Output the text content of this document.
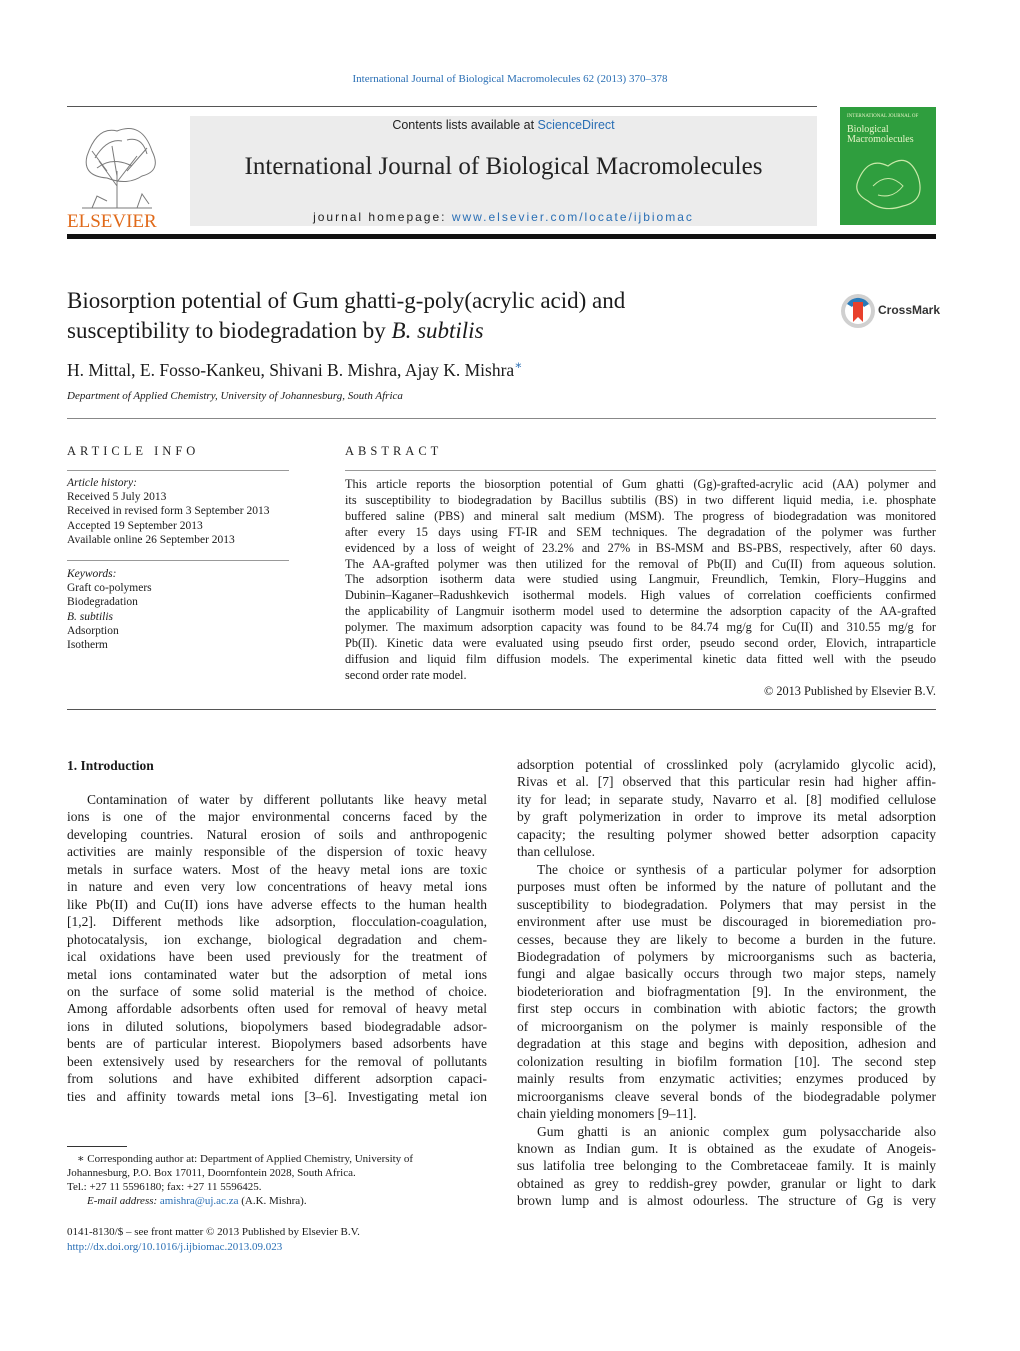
International Journal of Biological Macromolecules 62 (2013) 370–378
ELSEVIER
Contents lists available at ScienceDirect
International Journal of Biological Macromolecules
journal homepage: www.elsevier.com/locate/ijbiomac
INTERNATIONAL JOURNAL OF
Biological
Macromolecules
Biosorption potential of Gum ghatti-g-poly(acrylic acid) and
susceptibility to biodegradation by B. subtilis
CrossMark
H. Mittal, E. Fosso-Kankeu, Shivani B. Mishra, Ajay K. Mishra∗
Department of Applied Chemistry, University of Johannesburg, South Africa
ARTICLE INFO
Article history:
Received 5 July 2013
Received in revised form 3 September 2013
Accepted 19 September 2013
Available online 26 September 2013
Keywords:
Graft co-polymers
Biodegradation
B. subtilis
Adsorption
Isotherm
ABSTRACT
This article reports the biosorption potential of Gum ghatti (Gg)-grafted-acrylic acid (AA) polymer and
its susceptibility to biodegradation by Bacillus subtilis (BS) in two different liquid media, i.e. phosphate
buffered saline (PBS) and mineral salt medium (MSM). The progress of biodegradation was monitored
after every 15 days using FT-IR and SEM techniques. The degradation of the polymer was further
evidenced by a loss of weight of 23.2% and 27% in BS-MSM and BS-PBS, respectively, after 60 days.
The AA-grafted polymer was then utilized for the removal of Pb(II) and Cu(II) from aqueous solution.
The adsorption isotherm data were studied using Langmuir, Freundlich, Temkin, Flory–Huggins and
Dubinin–Kaganer–Radushkevich isothermal models. High values of correlation coefficients confirmed
the applicability of Langmuir isotherm model used to determine the adsorption capacity of the AA-grafted
polymer. The maximum adsorption capacity was found to be 84.74 mg/g for Cu(II) and 310.55 mg/g for
Pb(II). Kinetic data were evaluated using pseudo first order, pseudo second order, Elovich, intraparticle
diffusion and liquid film diffusion models. The experimental kinetic data fitted well with the pseudo
second order rate model.
© 2013 Published by Elsevier B.V.
1. Introduction
Contamination of water by different pollutants like heavy metal
ions is one of the major environmental concerns faced by the
developing countries. Natural erosion of soils and anthropogenic
activities are mainly responsible of the dispersion of toxic heavy
metals in surface waters. Most of the heavy metal ions are toxic
in nature and even very low concentrations of heavy metal ions
like Pb(II) and Cu(II) ions have adverse effects to the human health
[1,2]. Different methods like adsorption, flocculation-coagulation,
photocatalysis, ion exchange, biological degradation and chem-
ical oxidations have been used previously for the treatment of
metal ions contaminated water but the adsorption of metal ions
on the surface of some solid material is the method of choice.
Among affordable adsorbents often used for removal of heavy metal
ions in diluted solutions, biopolymers based biodegradable adsor-
bents are of particular interest. Biopolymers based adsorbents have
been extensively used by researchers for the removal of pollutants
from solutions and have exhibited different adsorption capaci-
ties and affinity towards metal ions [3–6]. Investigating metal ion
adsorption potential of crosslinked poly (acrylamido glycolic acid),
Rivas et al. [7] observed that this particular resin had higher affin-
ity for lead; in separate study, Navarro et al. [8] modified cellulose
by graft polymerization in order to improve its metal adsorption
capacity; the resulting polymer showed better adsorption capacity
than cellulose.
The choice or synthesis of a particular polymer for adsorption
purposes must often be informed by the nature of pollutant and the
susceptibility to biodegradation. Polymers that may persist in the
environment after use must be discouraged in bioremediation pro-
cesses, because they are likely to become a burden in the future.
Biodegradation of polymers by microorganisms such as bacteria,
fungi and algae basically occurs through two major steps, namely
biodeterioration and biofragmentation [9]. In the environment, the
first step occurs in combination with abiotic factors; the growth
of microorganism on the polymer is mainly responsible of the
degradation at this stage and begins with deposition, adhesion and
colonization resulting in biofilm formation [10]. The second step
mainly results from enzymatic activities; enzymes produced by
microorganisms cleave several bonds of the biodegradable polymer
chain yielding monomers [9–11].
Gum ghatti is an anionic complex gum polysaccharide also
known as Indian gum. It is obtained as the exudate of Anogeis-
sus latifolia tree belonging to the Combretaceae family. It is mainly
obtained as grey to reddish-grey powder, granular or light to dark
brown lump and is almost odourless. The structure of Gg is very
∗ Corresponding author at: Department of Applied Chemistry, University of
Johannesburg, P.O. Box 17011, Doornfontein 2028, South Africa.
Tel.: +27 11 5596180; fax: +27 11 5596425.
E-mail address: amishra@uj.ac.za (A.K. Mishra).
0141-8130/$ – see front matter © 2013 Published by Elsevier B.V.
http://dx.doi.org/10.1016/j.ijbiomac.2013.09.023
